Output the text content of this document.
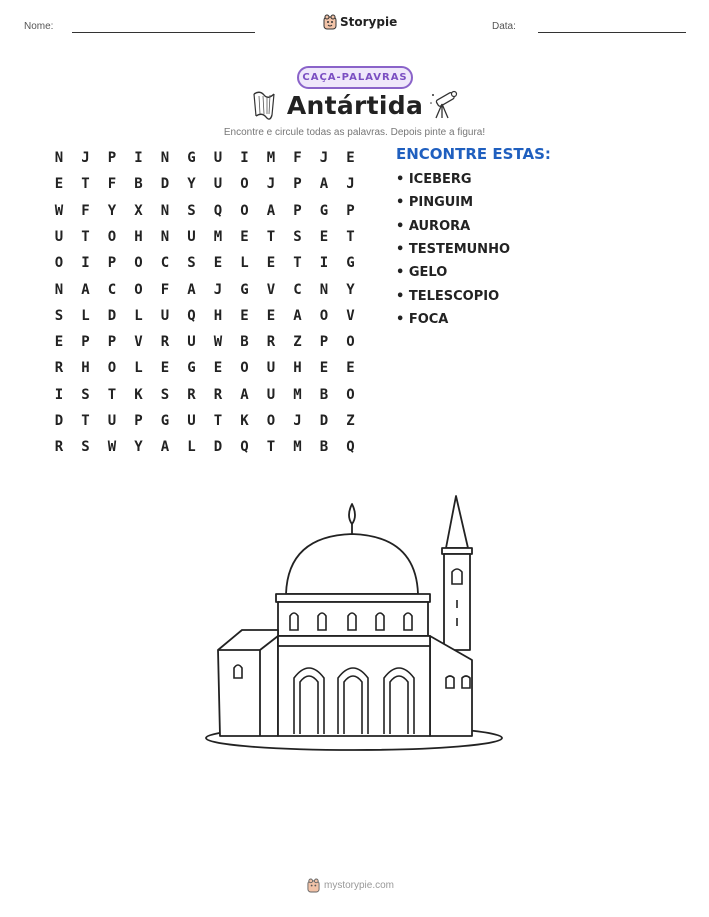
Nome:	Storypie	Data:
CAÇA-PALAVRAS
Antártida
Encontre e circule todas as palavras. Depois pinte a figura!
N	J	P	I	N	G	U	I	M	F	J	E
E	T	F	B	D	Y	U	O	J	P	A	J
W	F	Y	X	N	S	Q	O	A	P	G	P
U	T	O	H	N	U	M	E	T	S	E	T
O	I	P	O	C	S	E	L	E	T	I	G
N	A	C	O	F	A	J	G	V	C	N	Y
S	L	D	L	U	Q	H	E	E	A	O	V
E	P	P	V	R	U	W	B	R	Z	P	O
R	H	O	L	E	G	E	O	U	H	E	E
I	S	T	K	S	R	R	A	U	M	B	O
D	T	U	P	G	U	T	K	O	J	D	Z
R	S	W	Y	A	L	D	Q	T	M	B	Q
ENCONTRE ESTAS:
• ICEBERG
• PINGUIM
• AURORA
• TESTEMUNHO
• GELO
• TELESCOPIO
• FOCA
mystorypie.com
